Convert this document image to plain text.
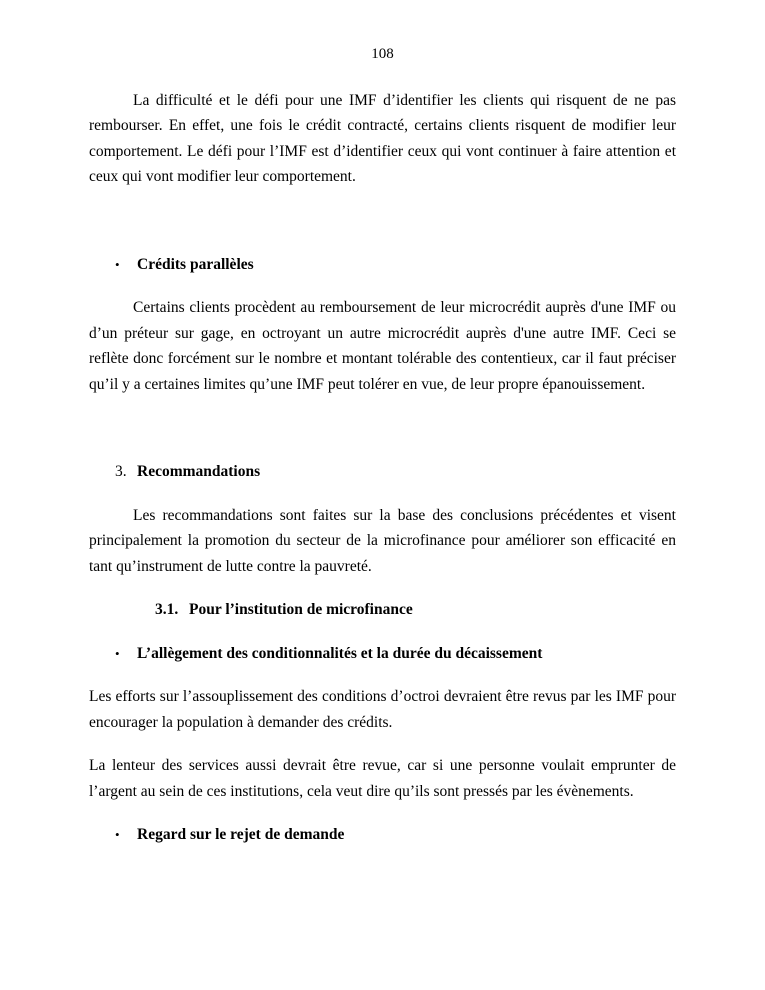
108

La difficulté et le défi pour une IMF d’identifier les clients qui risquent de ne pas rembourser. En effet, une fois le crédit contracté, certains clients risquent de modifier leur comportement. Le défi pour l’IMF est d’identifier ceux qui vont continuer à faire attention et ceux qui vont modifier leur comportement.

•	Crédits parallèles

Certains clients procèdent au remboursement de leur microcrédit auprès d'une IMF ou d’un préteur sur gage, en octroyant un autre microcrédit auprès d'une autre IMF. Ceci se reflète donc forcément sur le nombre et montant tolérable des contentieux, car il faut préciser qu’il y a certaines limites qu’une IMF peut tolérer en vue, de leur propre épanouissement.

3. Recommandations

Les recommandations sont faites sur la base des conclusions précédentes et visent principalement la promotion du secteur de la microfinance pour améliorer son efficacité en tant qu’instrument de lutte contre la pauvreté.

3.1. Pour l’institution de microfinance
•	L’allègement des conditionnalités et la durée du décaissement

Les efforts sur l’assouplissement des conditions d’octroi devraient être revus par les IMF pour encourager la population à demander des crédits.

La lenteur des services aussi devrait être revue, car si une personne voulait emprunter de l’argent au sein de ces institutions, cela veut dire qu’ils sont pressés par les évènements.

•	Regard sur le rejet de demande
